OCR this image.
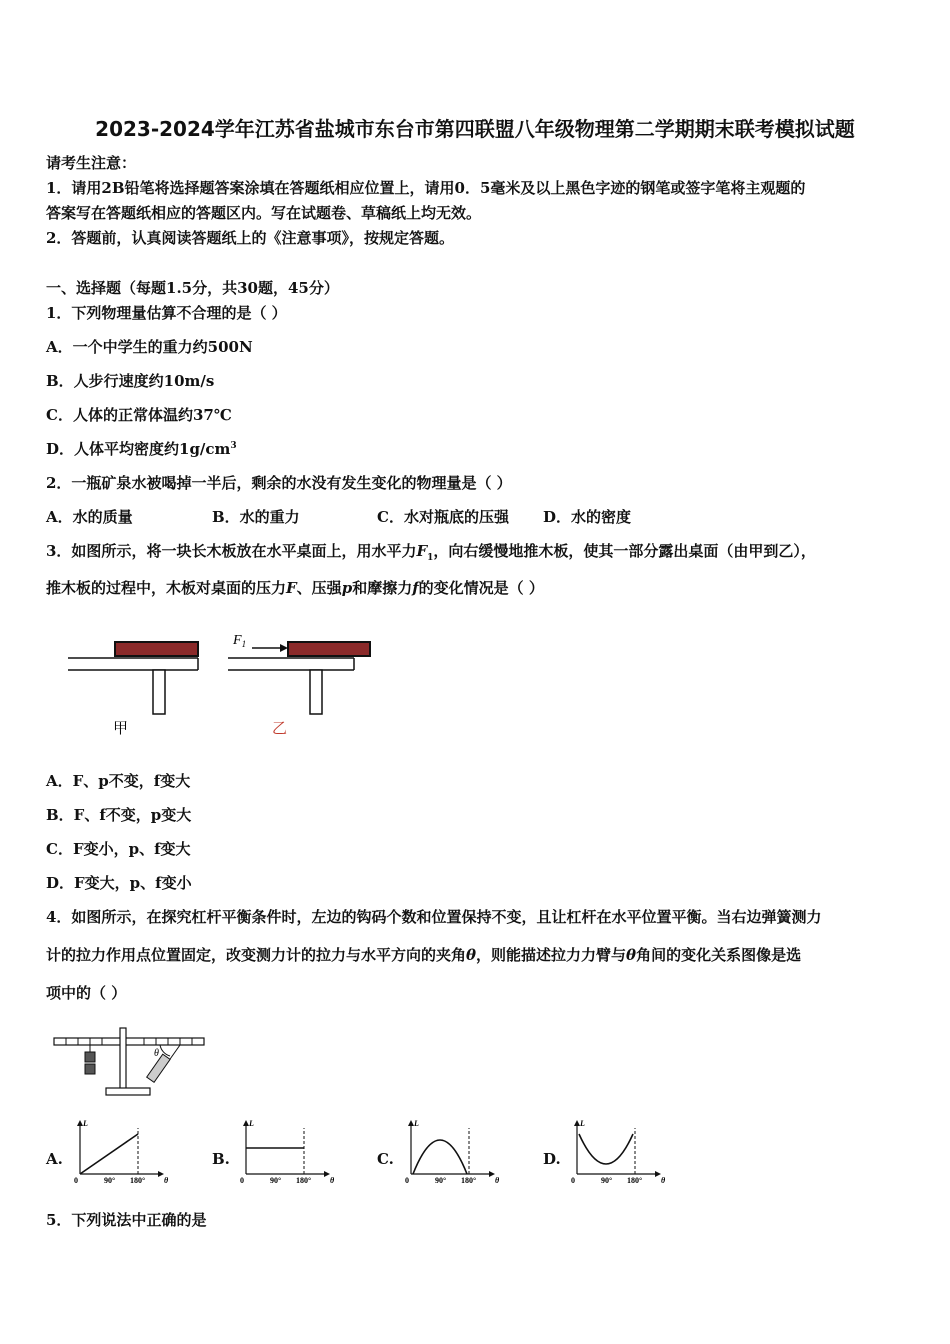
2023-2024学年江苏省盐城市东台市第四联盟八年级物理第二学期期末联考模拟试题
请考生注意：
1．请用2B铅笔将选择题答案涂填在答题纸相应位置上，请用0．5毫米及以上黑色字迹的钢笔或签字笔将主观题的
答案写在答题纸相应的答题区内。写在试题卷、草稿纸上均无效。
2．答题前，认真阅读答题纸上的《注意事项》，按规定答题。
一、选择题（每题1.5分，共30题，45分）
1．下列物理量估算不合理的是（ ）
A．一个中学生的重力约500N
B．人步行速度约10m/s
C．人体的正常体温约37℃
D．人体平均密度约$1g/cm^3$
2．一瓶矿泉水被喝掉一半后，剩余的水没有发生变化的物理量是（ ）
A．水的质量	B．水的重力	C．水对瓶底的压强 D．水的密度
3．如图所示，将一块长木板放在水平桌面上，用水平力$F_1$，向右缓慢地推木板，使其一部分露出桌面（由甲到乙），
推木板的过程中，木板对桌面的压力F、压强p和摩擦力f的变化情况是（ ）
甲
$F_1$
乙
A．F、p不变，f变大
B．F、f不变，p变大
C．F变小，p、f变大
D．F变大，p、f变小
4．如图所示，在探究杠杆平衡条件时，左边的钩码个数和位置保持不变，且让杠杆在水平位置平衡。当右边弹簧测力
计的拉力作用点位置固定，改变测力计的拉力与水平方向的夹角θ，则能描述拉力力臂与θ角间的变化关系图像是选
项中的（ ）
θ
A.
0	90° 180° θ
L
B.
0	90° 180° θ
L
C.
0	90° 180° θ
L
D.
0	90° 180° θ
L
5．下列说法中正确的是
